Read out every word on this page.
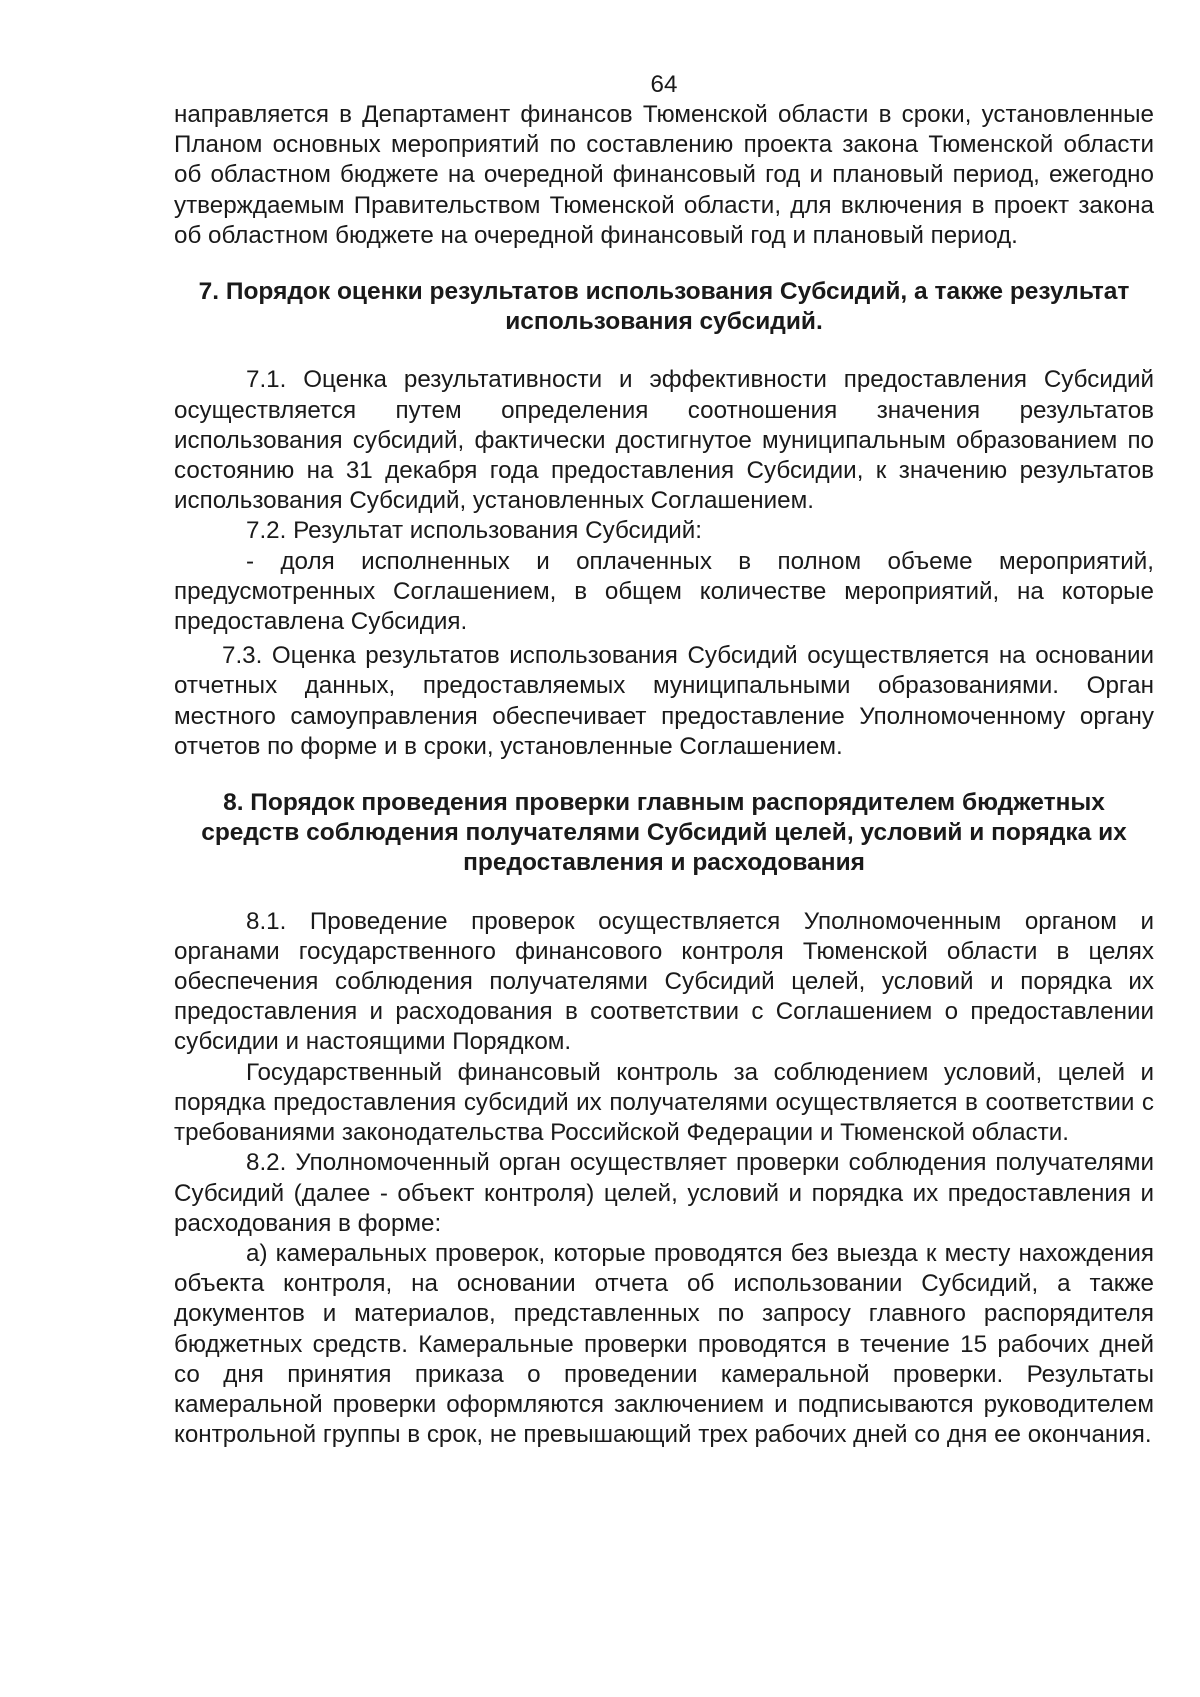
64

направляется в Департамент финансов Тюменской области в сроки, установленные Планом основных мероприятий по составлению проекта закона Тюменской области об областном бюджете на очередной финансовый год и плановый период, ежегодно утверждаемым Правительством Тюменской области, для включения в проект закона об областном бюджете на очередной финансовый год и плановый период.

7. Порядок оценки результатов использования Субсидий, а также результат использования субсидий.

7.1. Оценка результативности и эффективности предоставления Субсидий осуществляется путем определения соотношения значения результатов использования субсидий, фактически достигнутое муниципальным образованием по состоянию на 31 декабря года предоставления Субсидии, к значению результатов использования Субсидий, установленных Соглашением.

7.2. Результат использования Субсидий:

- доля исполненных и оплаченных в полном объеме мероприятий, предусмотренных Соглашением, в общем количестве мероприятий, на которые предоставлена Субсидия.

7.3. Оценка результатов использования Субсидий осуществляется на основании отчетных данных, предоставляемых муниципальными образованиями. Орган местного самоуправления обеспечивает предоставление Уполномоченному органу отчетов по форме и в сроки, установленные Соглашением.

8. Порядок проведения проверки главным распорядителем бюджетных средств соблюдения получателями Субсидий целей, условий и порядка их предоставления и расходования

8.1. Проведение проверок осуществляется Уполномоченным органом и органами государственного финансового контроля Тюменской области в целях обеспечения соблюдения получателями Субсидий целей, условий и порядка их предоставления и расходования в соответствии с Соглашением о предоставлении субсидии и настоящими Порядком.

Государственный финансовый контроль за соблюдением условий, целей и порядка предоставления субсидий их получателями осуществляется в соответствии с требованиями законодательства Российской Федерации и Тюменской области.

8.2. Уполномоченный орган осуществляет проверки соблюдения получателями Субсидий (далее - объект контроля) целей, условий и порядка их предоставления и расходования в форме:

а) камеральных проверок, которые проводятся без выезда к месту нахождения объекта контроля, на основании отчета об использовании Субсидий, а также документов и материалов, представленных по запросу главного распорядителя бюджетных средств. Камеральные проверки проводятся в течение 15 рабочих дней со дня принятия приказа о проведении камеральной проверки. Результаты камеральной проверки оформляются заключением и подписываются руководителем контрольной группы в срок, не превышающий трех рабочих дней со дня ее окончания.
